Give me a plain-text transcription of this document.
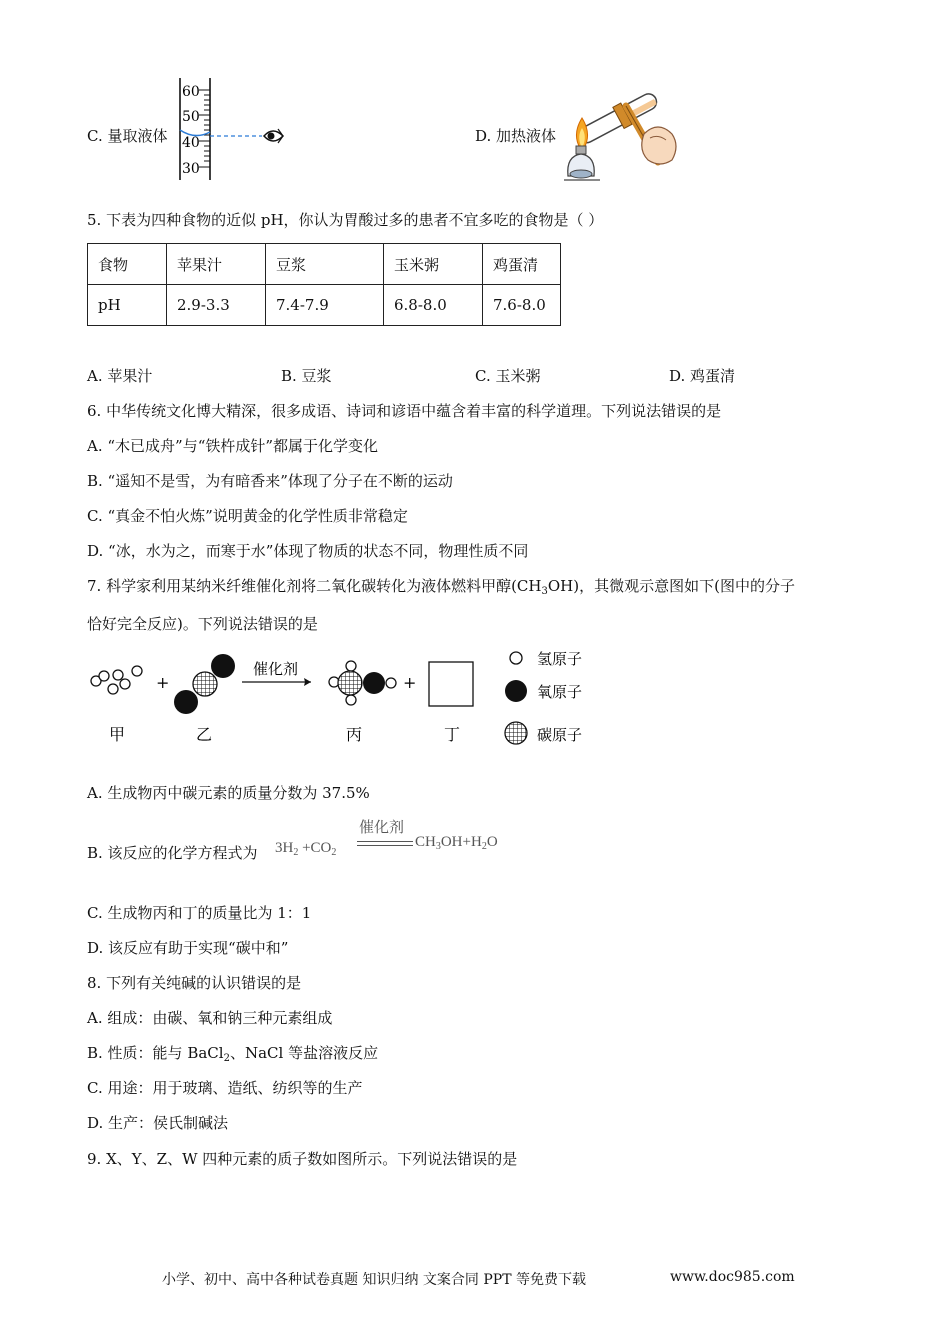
C. 量取液体
60
50
40
30
D. 加热液体
5. 下表为四种食物的近似 pH，你认为胃酸过多的患者不宜多吃的食物是（ ）
食物	苹果汁	豆浆	玉米粥	鸡蛋清
pH	2.9-3.3	7.4-7.9	6.8-8.0	7.6-8.0
A. 苹果汁	B. 豆浆	C. 玉米粥	D. 鸡蛋清
6. 中华传统文化博大精深，很多成语、诗词和谚语中蕴含着丰富的科学道理。下列说法错误的是
A. “木已成舟”与“铁杵成针”都属于化学变化
B. “遥知不是雪，为有暗香来”体现了分子在不断的运动
C. “真金不怕火炼”说明黄金的化学性质非常稳定
D. “冰，水为之，而寒于水”体现了物质的状态不同，物理性质不同
7. 科学家利用某纳米纤维催化剂将二氧化碳转化为液体燃料甲醇$(CH_3OH)$，其微观示意图如下(图中的分子
恰好完全反应)。下列说法错误的是
+
催化剂
+
甲	乙	丙	丁
氢原子
氧原子
碳原子
A. 生成物丙中碳元素的质量分数为 37.5%
B. 该反应的化学方程式为 $3H_2 +CO_2$
催化剂
$CH_3OH+H_2O$
C. 生成物丙和丁的质量比为 1：1
D. 该反应有助于实现“碳中和”
8. 下列有关纯碱的认识错误的是
A. 组成：由碳、氧和钠三种元素组成
B. 性质：能与 BaCl$_2$、NaCl 等盐溶液反应
C. 用途：用于玻璃、造纸、纺织等的生产
D. 生产：侯氏制碱法
9. X、Y、Z、W 四种元素的质子数如图所示。下列说法错误的是
小学、初中、高中各种试卷真题 知识归纳 文案合同 PPT 等免费下载	www.doc985.com
